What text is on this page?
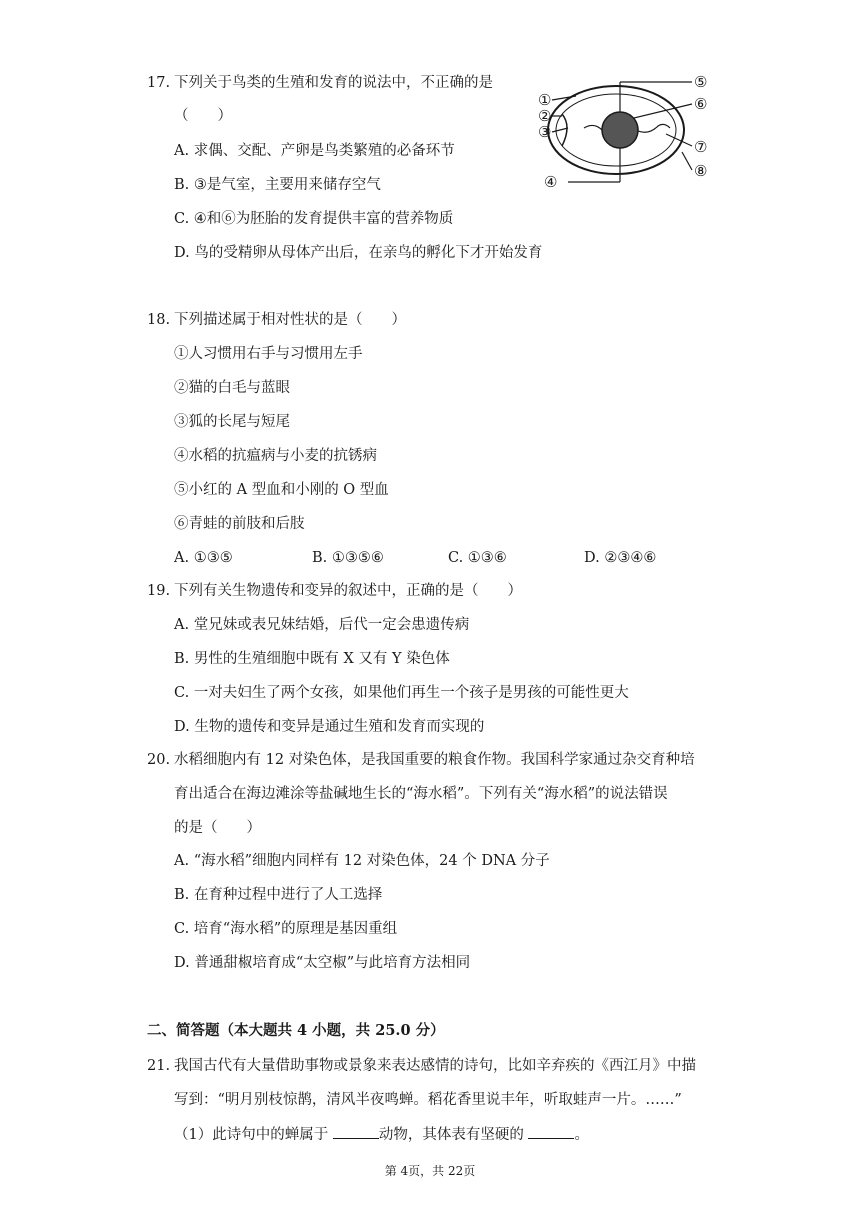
17. 下列关于鸟类的生殖和发育的说法中，不正确的是
（　　）
A. 求偶、交配、产卵是鸟类繁殖的必备环节
B. ③是气室，主要用来储存空气
C. ④和⑥为胚胎的发育提供丰富的营养物质
D. 鸟的受精卵从母体产出后，在亲鸟的孵化下才开始发育
①
②
③
④
⑤
⑥
⑦
⑧
18. 下列描述属于相对性状的是（　　）
①人习惯用右手与习惯用左手
②猫的白毛与蓝眼
③狐的长尾与短尾
④水稻的抗瘟病与小麦的抗锈病
⑤小红的 A 型血和小刚的 O 型血
⑥青蛙的前肢和后肢
A. ①③⑤	B. ①③⑤⑥	C. ①③⑥	D. ②③④⑥
19. 下列有关生物遗传和变异的叙述中，正确的是（　　）
A. 堂兄妹或表兄妹结婚，后代一定会患遗传病
B. 男性的生殖细胞中既有 X 又有 Y 染色体
C. 一对夫妇生了两个女孩，如果他们再生一个孩子是男孩的可能性更大
D. 生物的遗传和变异是通过生殖和发育而实现的
20. 水稻细胞内有 12 对染色体，是我国重要的粮食作物。我国科学家通过杂交育种培
育出适合在海边滩涂等盐碱地生长的“海水稻”。下列有关“海水稻”的说法错误
的是（　　）
A. “海水稻”细胞内同样有 12 对染色体，24 个 DNA 分子
B. 在育种过程中进行了人工选择
C. 培育“海水稻”的原理是基因重组
D. 普通甜椒培育成“太空椒”与此培育方法相同
二、简答题（本大题共 4 小题，共 25.0 分）
21. 我国古代有大量借助事物或景象来表达感情的诗句，比如辛弃疾的《西江月》中描
写到：“明月别枝惊鹊，清风半夜鸣蝉。稻花香里说丰年，听取蛙声一片。……”
（1）此诗句中的蝉属于	动物，其体表有坚硬的	。
第 4页，共 22页
